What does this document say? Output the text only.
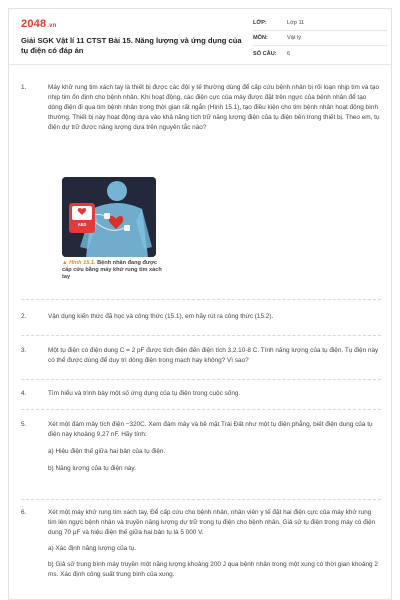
2048.vn
Giải SGK Vật lí 11 CTST Bài 15. Năng lượng và ứng dụng của tụ điện có đáp án
LỚP:	Lớp 11
MÔN:	Vật lý
SỐ CÂU:	6
1.	Máy khử rung tim xách tay là thiết bị được các đội y tế thường dùng để cấp cứu bệnh nhân bị rối loạn nhịp tim và tạo nhịp tim ổn định cho bệnh nhân. Khi hoạt động, các điện cực của máy được đặt trên ngực của bệnh nhân để tạo dòng điện đi qua tim bệnh nhân trong thời gian rất ngắn (Hình 15.1), tạo điều kiện cho tim bệnh nhân hoạt động bình thường. Thiết bị này hoạt động dựa vào khả năng tích trữ năng lượng điện của tụ điện bên trong thiết bị. Theo em, tụ điện dự trữ được năng lượng dựa trên nguyên tắc nào?

AED
▲ Hình 15.1. Bệnh nhân đang được cấp cứu bằng máy khử rung tim xách tay
2.	Vận dụng kiến thức đã học và công thức (15.1), em hãy rút ra công thức (15.2).

3.	Một tụ điện có điện dung C = 2 pF được tích điện đến điện tích 3,2.10-8 C. Tính năng lượng của tụ điện. Tụ điện này có thể được dùng để duy trì dòng điện trong mạch hay không? Vì sao?

4.	Tìm hiểu và trình bày một số ứng dụng của tụ điện trong cuộc sống.

5.	Xét một đám mây tích điện −320C. Xem đám mây và bề mặt Trái Đất như một tụ điện phẳng, biết điện dung của tụ điện này khoảng 9,27 nF. Hãy tính:

a) Hiệu điện thế giữa hai bản của tụ điện.

b) Năng lượng của tụ điện này.

6.	Xét một máy khử rung tim xách tay. Để cấp cứu cho bệnh nhân, nhân viên y tế đặt hai điện cực của máy khử rung tim lên ngực bệnh nhân và truyền năng lượng dự trữ trong tụ điện cho bệnh nhân. Giả sử tụ điện trong máy có điện dung 70 μF và hiệu điện thế giữa hai bản tụ là 5 000 V.

a) Xác định năng lượng của tụ.

b) Giả sử trung bình máy truyền một năng lượng khoảng 200 J qua bệnh nhân trong một xung có thời gian khoảng 2 ms. Xác định công suất trung bình của xung.
